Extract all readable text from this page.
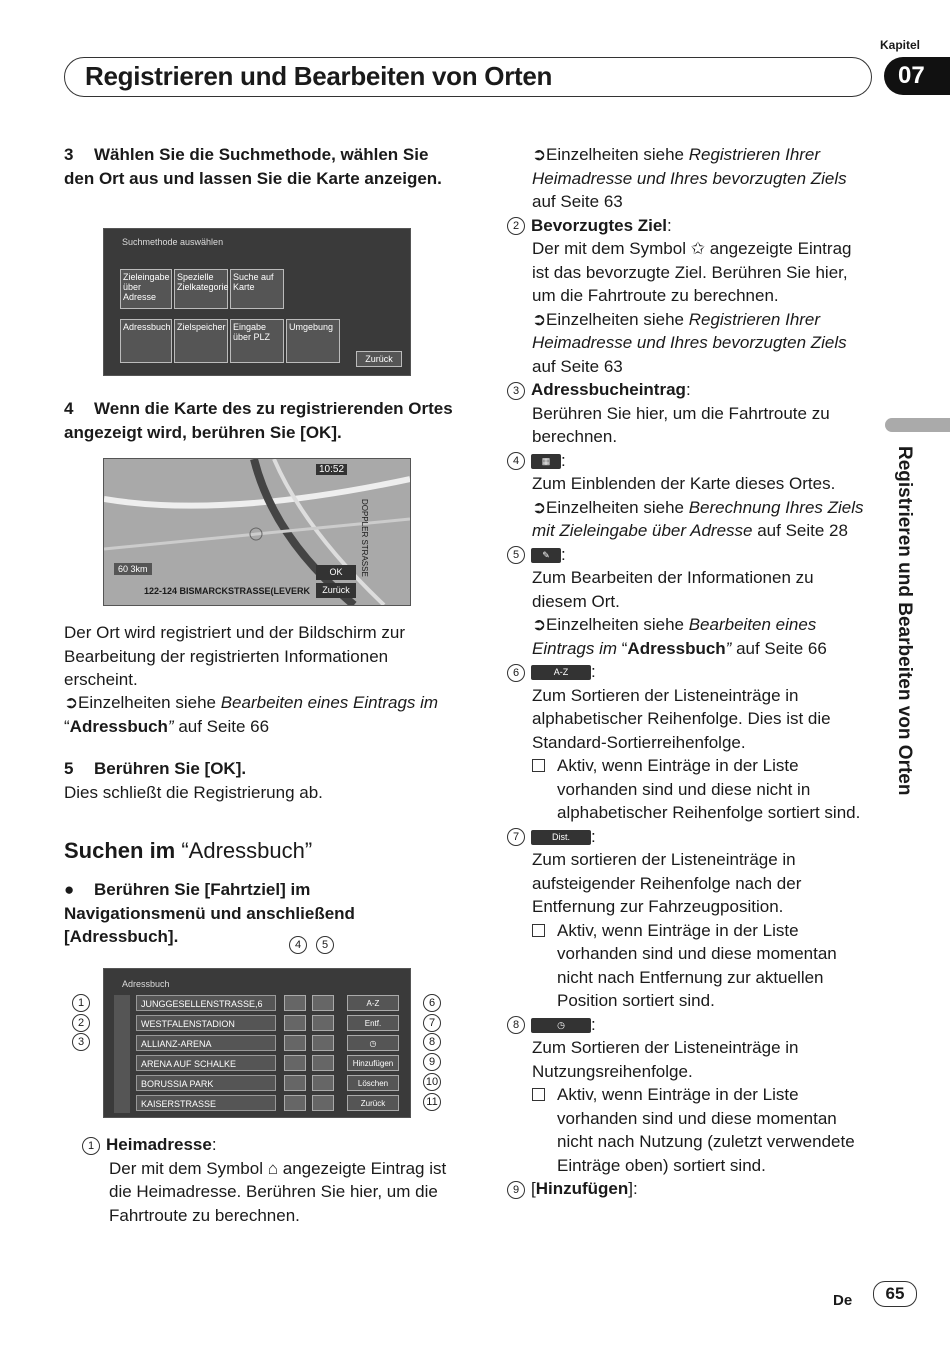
Registrieren und Bearbeiten von Orten
Kapitel
07
Registrieren und Bearbeiten von Orten
3 Wählen Sie die Suchmethode, wählen Sie den Ort aus und lassen Sie die Karte anzeigen.
Suchmethode auswählen
Zieleingabe über Adresse
Spezielle Zielkategorie
Suche auf Karte
Adressbuch Zielspeicher Eingabe über PLZ
Umgebung
Zurück
4 Wenn die Karte des zu registrierenden Ortes angezeigt wird, berühren Sie [OK].
10:52
60 3km
122-124 BISMARCKSTRASSE(LEVERK
OK
Zurück
DOPPLER STRASSE
Der Ort wird registriert und der Bildschirm zur Bearbeitung der registrierten Informationen erscheint.
➲Einzelheiten siehe Bearbeiten eines Eintrags im “Adressbuch” auf Seite 66
5 Berühren Sie [OK].
Dies schließt die Registrierung ab.
Suchen im “Adressbuch”
● Berühren Sie [Fahrtziel] im Navigationsmenü und anschließend [Adressbuch].	4	5
1
2
3
6
7
8
9
10
11
Adressbuch
JUNGGESELLENSTRASSE,6
WESTFALENSTADION
ALLIANZ-ARENA
ARENA AUF SCHALKE
BORUSSIA PARK
KAISERSTRASSE
A-Z
Entf.
◷
Hinzufügen
Löschen
Zurück
1 Heimadresse:
Der mit dem Symbol ⌂ angezeigte Eintrag ist die Heimadresse. Berühren Sie hier, um die Fahrtroute zu berechnen.
➲Einzelheiten siehe Registrieren Ihrer Heimadresse und Ihres bevorzugten Ziels auf Seite 63
2 Bevorzugtes Ziel:
Der mit dem Symbol ✩ angezeigte Eintrag ist das bevorzugte Ziel. Berühren Sie hier, um die Fahrtroute zu berechnen.
➲Einzelheiten siehe Registrieren Ihrer Heimadresse und Ihres bevorzugten Ziels auf Seite 63
3 Adressbucheintrag:
Berühren Sie hier, um die Fahrtroute zu berechnen.
4	▦ :
Zum Einblenden der Karte dieses Ortes.
➲Einzelheiten siehe Berechnung Ihres Ziels mit Zieleingabe über Adresse auf Seite 28
5	✎ :
Zum Bearbeiten der Informationen zu diesem Ort.
➲Einzelheiten siehe Bearbeiten eines Eintrags im “Adressbuch” auf Seite 66
6	A-Z :
Zum Sortieren der Listeneinträge in alphabetischer Reihenfolge. Dies ist die Standard-Sortierreihenfolge.
Aktiv, wenn Einträge in der Liste vorhanden sind und diese nicht in alphabetischer Reihenfolge sortiert sind.
7	Dist. :
Zum sortieren der Listeneinträge in aufsteigender Reihenfolge nach der Entfernung zur Fahrzeugposition.
Aktiv, wenn Einträge in der Liste vorhanden sind und diese momentan nicht nach Entfernung zur aktuellen Position sortiert sind.
8	◷ :
Zum Sortieren der Listeneinträge in Nutzungsreihenfolge.
Aktiv, wenn Einträge in der Liste vorhanden sind und diese momentan nicht nach Nutzung (zuletzt verwendete Einträge oben) sortiert sind.
9 [Hinzufügen]:
De	65
